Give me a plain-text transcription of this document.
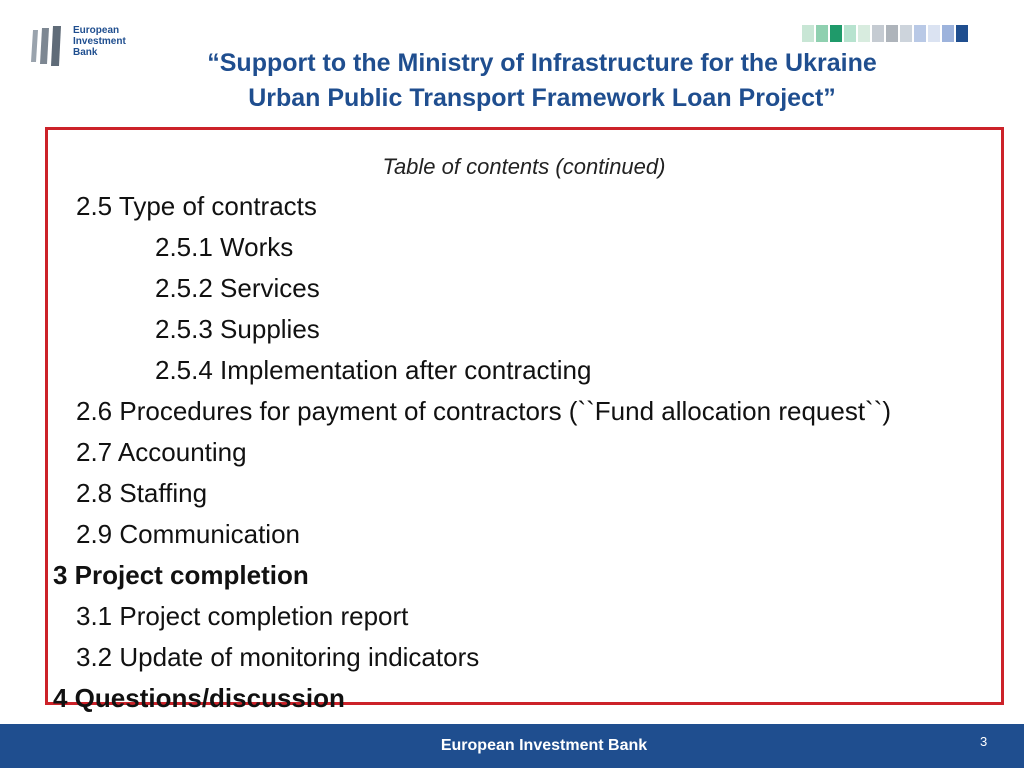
European
Investment
Bank	“Support to the Ministry of Infrastructure for the Ukraine
Urban Public Transport Framework Loan Project”
Table of contents (continued)
2.5 Type of contracts
2.5.1 Works
2.5.2 Services
2.5.3 Supplies
2.5.4 Implementation after contracting
2.6 Procedures for payment of contractors (``Fund allocation request``)
2.7 Accounting
2.8 Staffing
2.9 Communication
3 Project completion
3.1 Project completion report
3.2 Update of monitoring indicators
4 Questions/discussion
European Investment Bank	3
